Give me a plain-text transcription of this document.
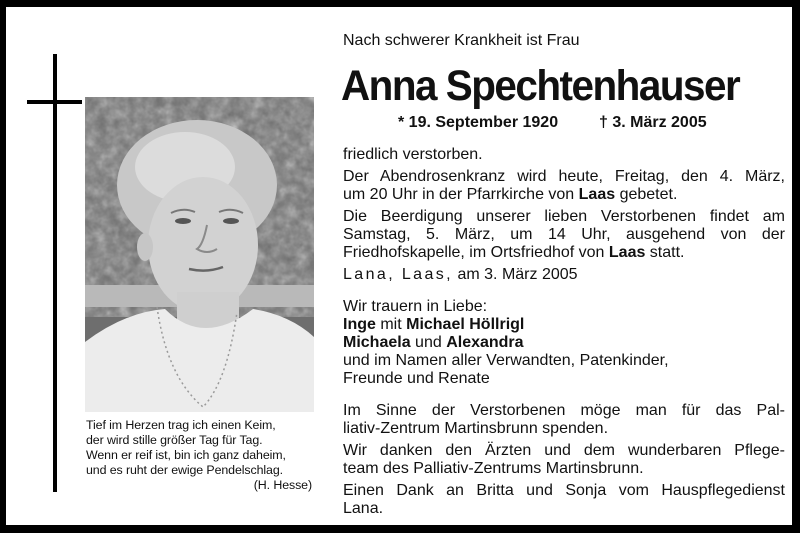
Tief im Herzen trag ich einen Keim,
der wird stille größer Tag für Tag.
Wenn er reif ist, bin ich ganz daheim,
und es ruht der ewige Pendelschlag.
(H. Hesse)
Nach schwerer Krankheit ist Frau
Anna Spechtenhauser
* 19. September 1920	† 3. März 2005
friedlich verstorben.
Der Abendrosenkranz wird heute, Freitag, den 4. März,
um 20 Uhr in der Pfarrkirche von Laas gebetet.
Die Beerdigung unserer lieben Verstorbenen findet am
Samstag, 5. März, um 14 Uhr, ausgehend von der
Friedhofskapelle, im Ortsfriedhof von Laas statt.
Lana, Laas, am 3. März 2005
Wir trauern in Liebe:
Inge mit Michael Höllrigl
Michaela und Alexandra
und im Namen aller Verwandten, Patenkinder,
Freunde und Renate
Im Sinne der Verstorbenen möge man für das Pal-
liativ-Zentrum Martinsbrunn spenden.
Wir danken den Ärzten und dem wunderbaren Pflege-
team des Palliativ-Zentrums Martinsbrunn.
Einen Dank an Britta und Sonja vom Hauspflegedienst
Lana.
